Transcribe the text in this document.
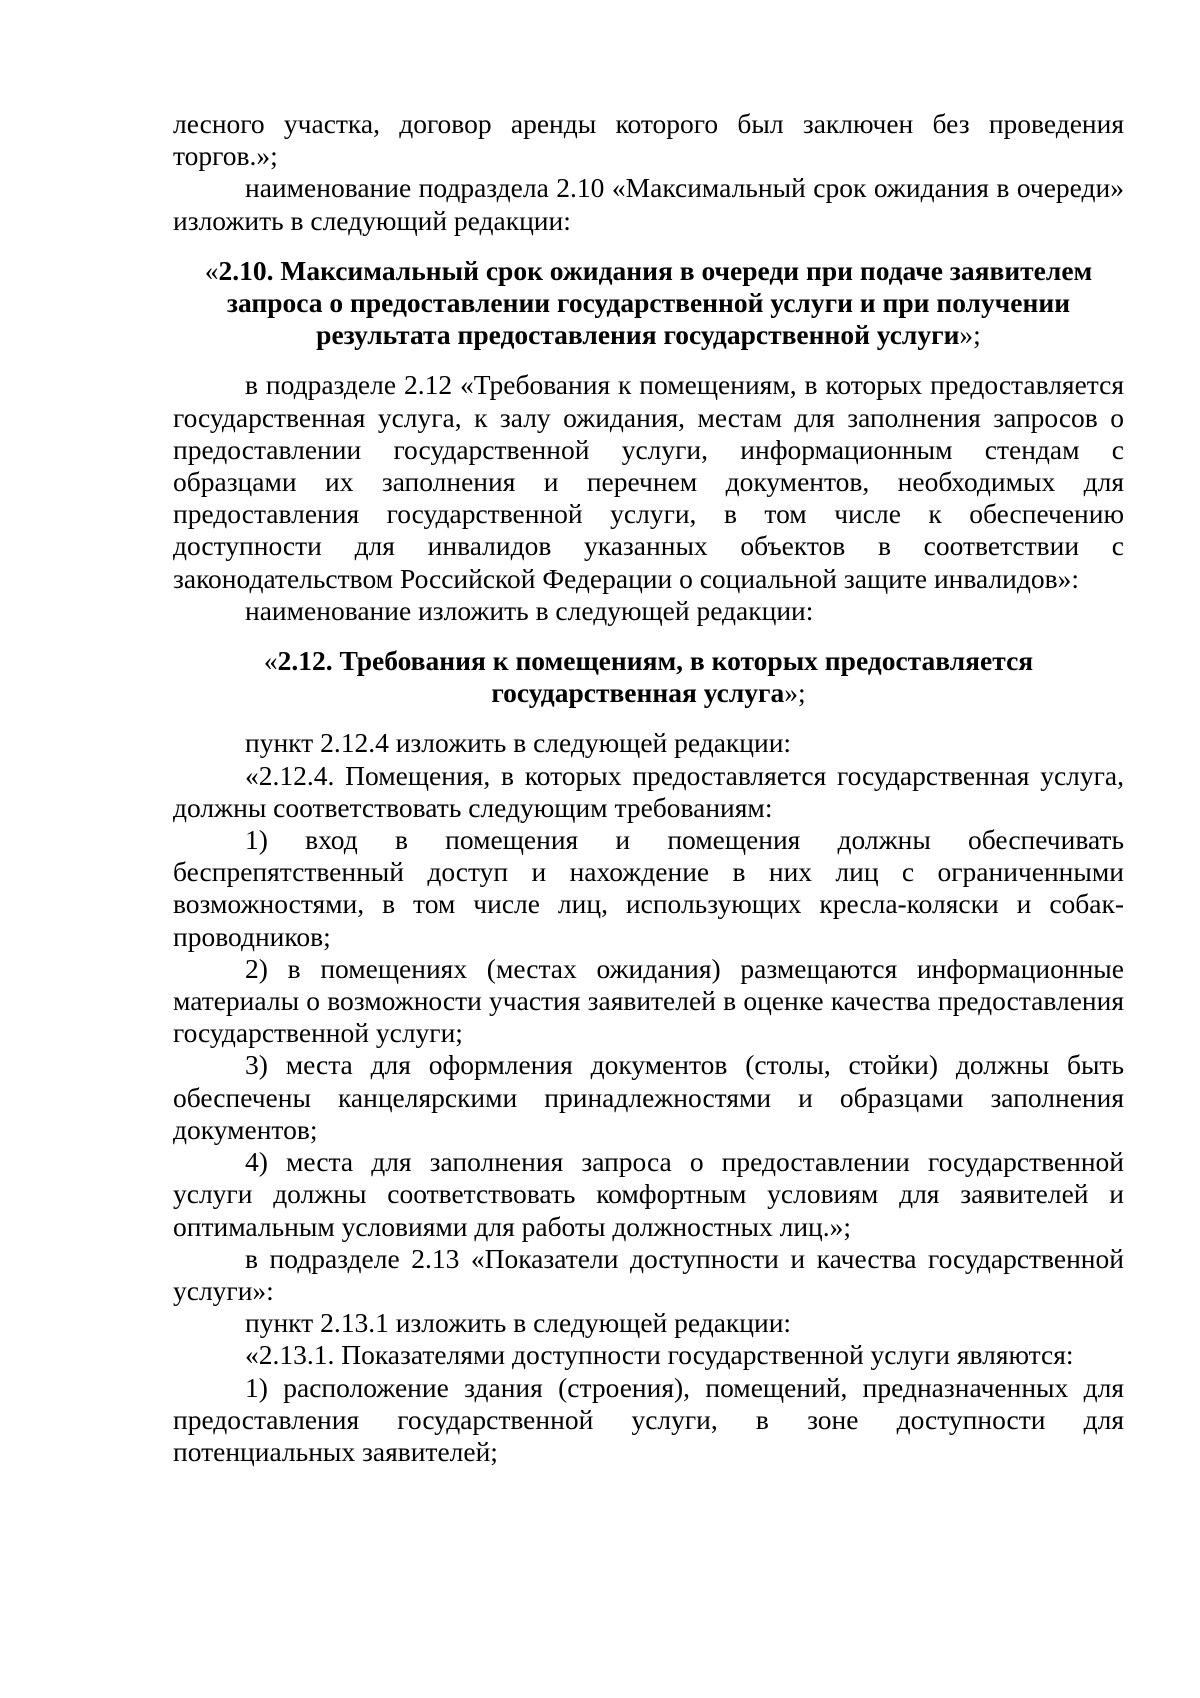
лесного участка, договор аренды которого был заключен без проведения торгов.»;

наименование подраздела 2.10 «Максимальный срок ожидания в очереди» изложить в следующий редакции:

«2.10. Максимальный срок ожидания в очереди при подаче заявителем запроса о предоставлении государственной услуги и при получении результата предоставления государственной услуги»;

в подразделе 2.12 «Требования к помещениям, в которых предоставляется государственная услуга, к залу ожидания, местам для заполнения запросов о предоставлении государственной услуги, информационным стендам с образцами их заполнения и перечнем документов, необходимых для предоставления государственной услуги, в том числе к обеспечению доступности для инвалидов указанных объектов в соответствии с законодательством Российской Федерации о социальной защите инвалидов»:

наименование изложить в следующей редакции:

«2.12. Требования к помещениям, в которых предоставляется государственная услуга»;

пункт 2.12.4 изложить в следующей редакции:

«2.12.4. Помещения, в которых предоставляется государственная услуга, должны соответствовать следующим требованиям:

1) вход в помещения и помещения должны обеспечивать беспрепятственный доступ и нахождение в них лиц с ограниченными возможностями, в том числе лиц, использующих кресла-коляски и собак-проводников;

2) в помещениях (местах ожидания) размещаются информационные материалы о возможности участия заявителей в оценке качества предоставления государственной услуги;

3) места для оформления документов (столы, стойки) должны быть обеспечены канцелярскими принадлежностями и образцами заполнения документов;

4) места для заполнения запроса о предоставлении государственной услуги должны соответствовать комфортным условиям для заявителей и оптимальным условиями для работы должностных лиц.»;

в подразделе 2.13 «Показатели доступности и качества государственной услуги»:

пункт 2.13.1 изложить в следующей редакции:

«2.13.1. Показателями доступности государственной услуги являются:

1) расположение здания (строения), помещений, предназначенных для предоставления государственной услуги, в зоне доступности для потенциальных заявителей;
